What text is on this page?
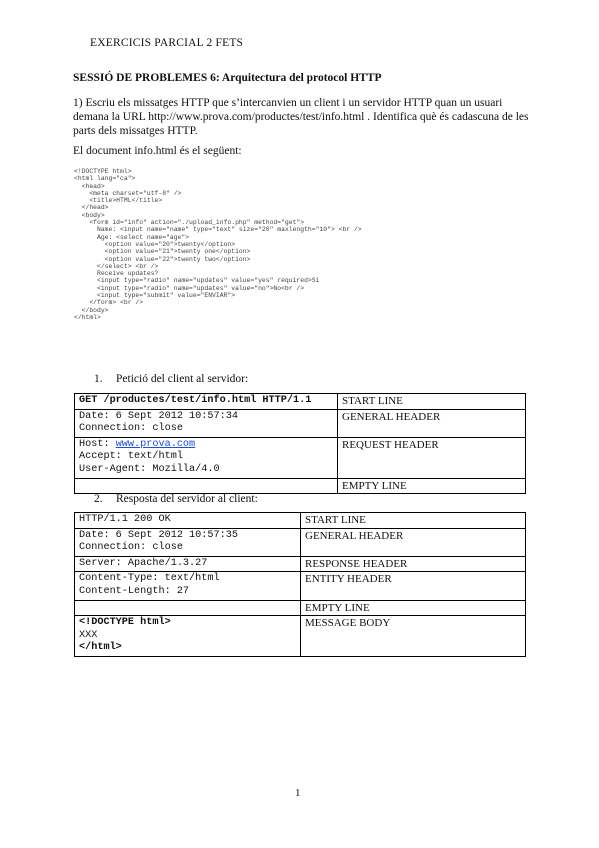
EXERCICIS PARCIAL 2 FETS
SESSIÓ DE PROBLEMES 6: Arquitectura del protocol HTTP
1) Escriu els missatges HTTP que s’intercanvien un client i un servidor HTTP quan un usuari demana la URL http://www.prova.com/productes/test/info.html . Identifica què és cadascuna de les parts dels missatges HTTP.
El document info.html és el següent:
<!DOCTYPE html>
<html lang="ca">
<head>
<meta charset="utf-8" />
<title>HTML</title>
</head>
<body>
<form id="info" action="./upload_info.php" method="get">
Name: <input name="name" type="text" size="20" maxlength="10"> <br />
Age: <select name="age">
<option value="20">twenty</option>
<option value="21">twenty one</option>
<option value="22">twenty two</option>
</select> <br />
Receive updates?
<input type="radio" name="updates" value="yes" required>Si
<input type="radio" name="updates" value="no">No<br />
<input type="submit" value="ENVIAR">
</form> <br />
</body>
</html>
1. Petició del client al servidor:
GET /productes/test/info.html HTTP/1.1	START LINE

Date: 6 Sept 2012 10:57:34
Connection: close	GENERAL HEADER

Host: www.prova.com
Accept: text/html
User-Agent: Mozilla/4.0	REQUEST HEADER

	EMPTY LINE
2. Resposta del servidor al client:
HTTP/1.1 200 OK	START LINE

Date: 6 Sept 2012 10:57:35
Connection: close	GENERAL HEADER

Server: Apache/1.3.27	RESPONSE HEADER

Content-Type: text/html
Content-Length: 27	ENTITY HEADER

	EMPTY LINE

<!DOCTYPE html>
XXX
</html>	MESSAGE BODY
1
